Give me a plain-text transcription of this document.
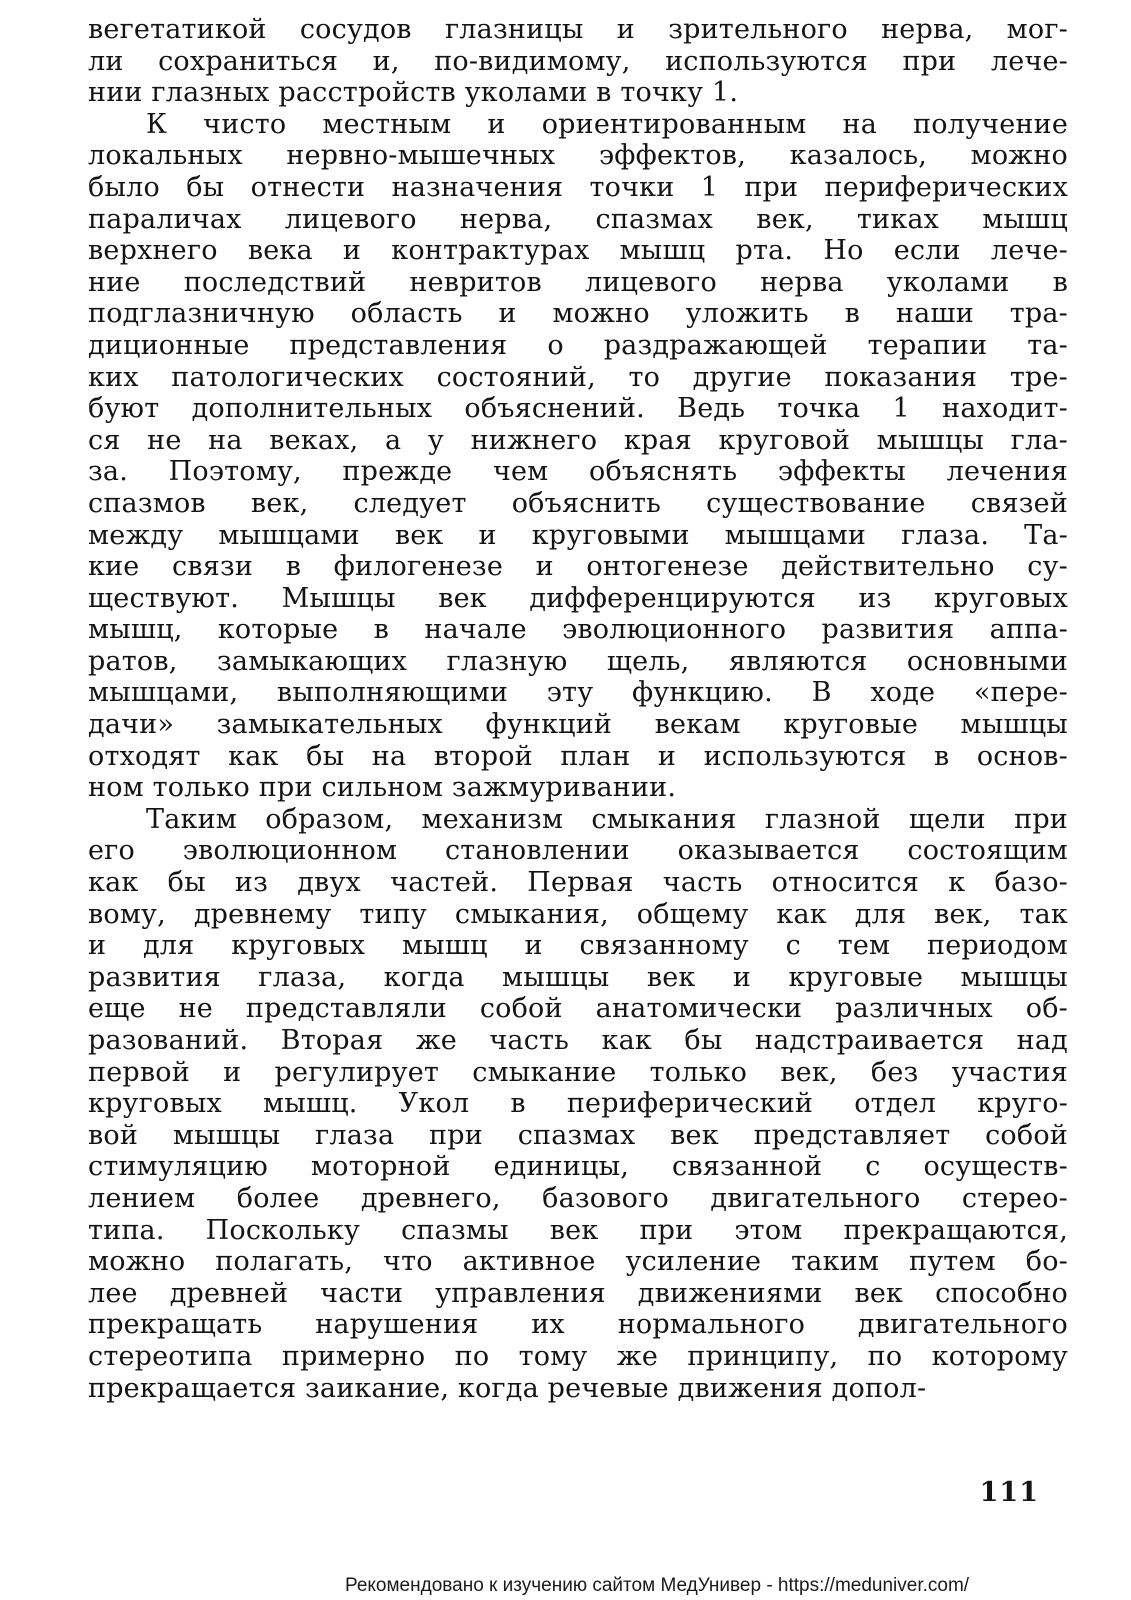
вегетатикой сосудов глазницы и зрительного нерва, мог-
ли сохраниться и, по-видимому, используются при лече-
нии глазных расстройств уколами в точку 1.
К чисто местным и ориентированным на получение
локальных нервно-мышечных эффектов, казалось, можно
было бы отнести назначения точки 1 при периферических
параличах лицевого нерва, спазмах век, тиках мышц
верхнего века и контрактурах мышц рта. Но если лече-
ние последствий невритов лицевого нерва уколами в
подглазничную область и можно уложить в наши тра-
диционные представления о раздражающей терапии та-
ких патологических состояний, то другие показания тре-
буют дополнительных объяснений. Ведь точка 1 находит-
ся не на веках, а у нижнего края круговой мышцы гла-
за. Поэтому, прежде чем объяснять эффекты лечения
спазмов век, следует объяснить существование связей
между мышцами век и круговыми мышцами глаза. Та-
кие связи в филогенезе и онтогенезе действительно су-
ществуют. Мышцы век дифференцируются из круговых
мышц, которые в начале эволюционного развития аппа-
ратов, замыкающих глазную щель, являются основными
мышцами, выполняющими эту функцию. В ходе «пере-
дачи» замыкательных функций векам круговые мышцы
отходят как бы на второй план и используются в основ-
ном только при сильном зажмуривании.
Таким образом, механизм смыкания глазной щели при
его эволюционном становлении оказывается состоящим
как бы из двух частей. Первая часть относится к базо-
вому, древнему типу смыкания, общему как для век, так
и для круговых мышц и связанному с тем периодом
развития глаза, когда мышцы век и круговые мышцы
еще не представляли собой анатомически различных об-
разований. Вторая же часть как бы надстраивается над
первой и регулирует смыкание только век, без участия
круговых мышц. Укол в периферический отдел круго-
вой мышцы глаза при спазмах век представляет собой
стимуляцию моторной единицы, связанной с осуществ-
лением более древнего, базового двигательного стерео-
типа. Поскольку спазмы век при этом прекращаются,
можно полагать, что активное усиление таким путем бо-
лее древней части управления движениями век способно
прекращать нарушения их нормального двигательного
стереотипа примерно по тому же принципу, по которому
прекращается заикание, когда речевые движения допол-
111
Рекомендовано к изучению сайтом МедУнивер - https://meduniver.com/
